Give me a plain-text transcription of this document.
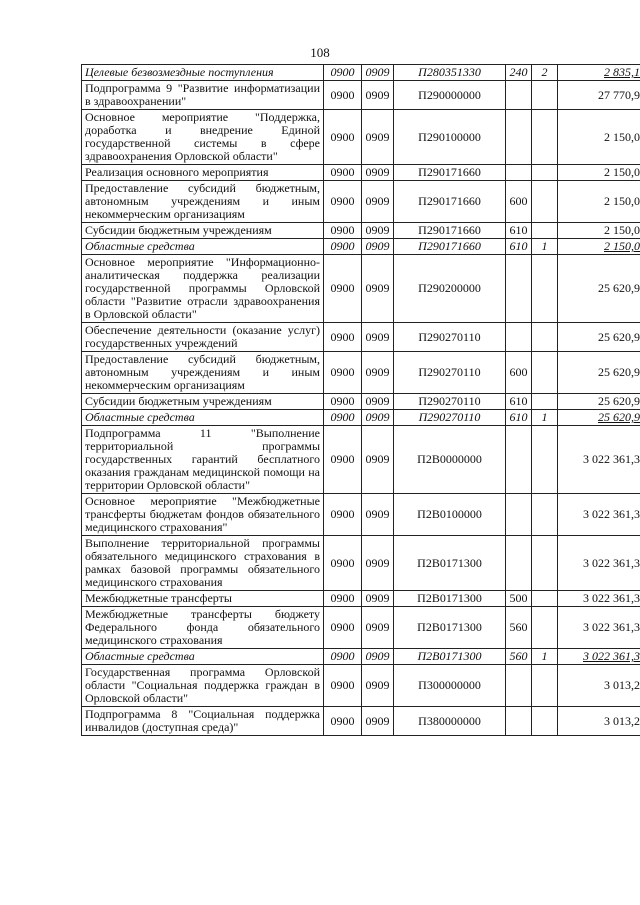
108
Целевые безвозмездные поступления	0900	0909	П280351330	240	2	2 835,1
Подпрограмма 9 "Развитие информатизации в здравоохранении"	0900	0909	П290000000			27 770,9
Основное мероприятие "Поддержка, доработка и внедрение Единой государственной системы в сфере здравоохранения Орловской области"	0900	0909	П290100000			2 150,0
Реализация основного мероприятия	0900	0909	П290171660			2 150,0
Предоставление субсидий бюджетным, автономным учреждениям и иным некоммерческим организациям	0900	0909	П290171660	600		2 150,0
Субсидии бюджетным учреждениям	0900	0909	П290171660	610		2 150,0
Областные средства	0900	0909	П290171660	610	1	2 150,0
Основное мероприятие "Информационно-аналитическая поддержка реализации государственной программы Орловской области "Развитие отрасли здравоохранения в Орловской области"	0900	0909	П290200000			25 620,9
Обеспечение деятельности (оказание услуг) государственных учреждений	0900	0909	П290270110			25 620,9
Предоставление субсидий бюджетным, автономным учреждениям и иным некоммерческим организациям	0900	0909	П290270110	600		25 620,9
Субсидии бюджетным учреждениям	0900	0909	П290270110	610		25 620,9
Областные средства	0900	0909	П290270110	610	1	25 620,9
Подпрограмма 11 "Выполнение территориальной программы государственных гарантий бесплатного оказания гражданам медицинской помощи на территории Орловской области"	0900	0909	П2В0000000			3 022 361,3
Основное мероприятие "Межбюджетные трансферты бюджетам фондов обязательного медицинского страхования"	0900	0909	П2В0100000			3 022 361,3
Выполнение территориальной программы обязательного медицинского страхования в рамках базовой программы обязательного медицинского страхования	0900	0909	П2В0171300			3 022 361,3
Межбюджетные трансферты	0900	0909	П2В0171300	500		3 022 361,3
Межбюджетные трансферты бюджету Федерального фонда обязательного медицинского страхования	0900	0909	П2В0171300	560		3 022 361,3
Областные средства	0900	0909	П2В0171300	560	1	3 022 361,3
Государственная программа Орловской области "Социальная поддержка граждан в Орловской области"	0900	0909	П300000000			3 013,2
Подпрограмма 8 "Социальная поддержка инвалидов (доступная среда)"	0900	0909	П380000000			3 013,2
